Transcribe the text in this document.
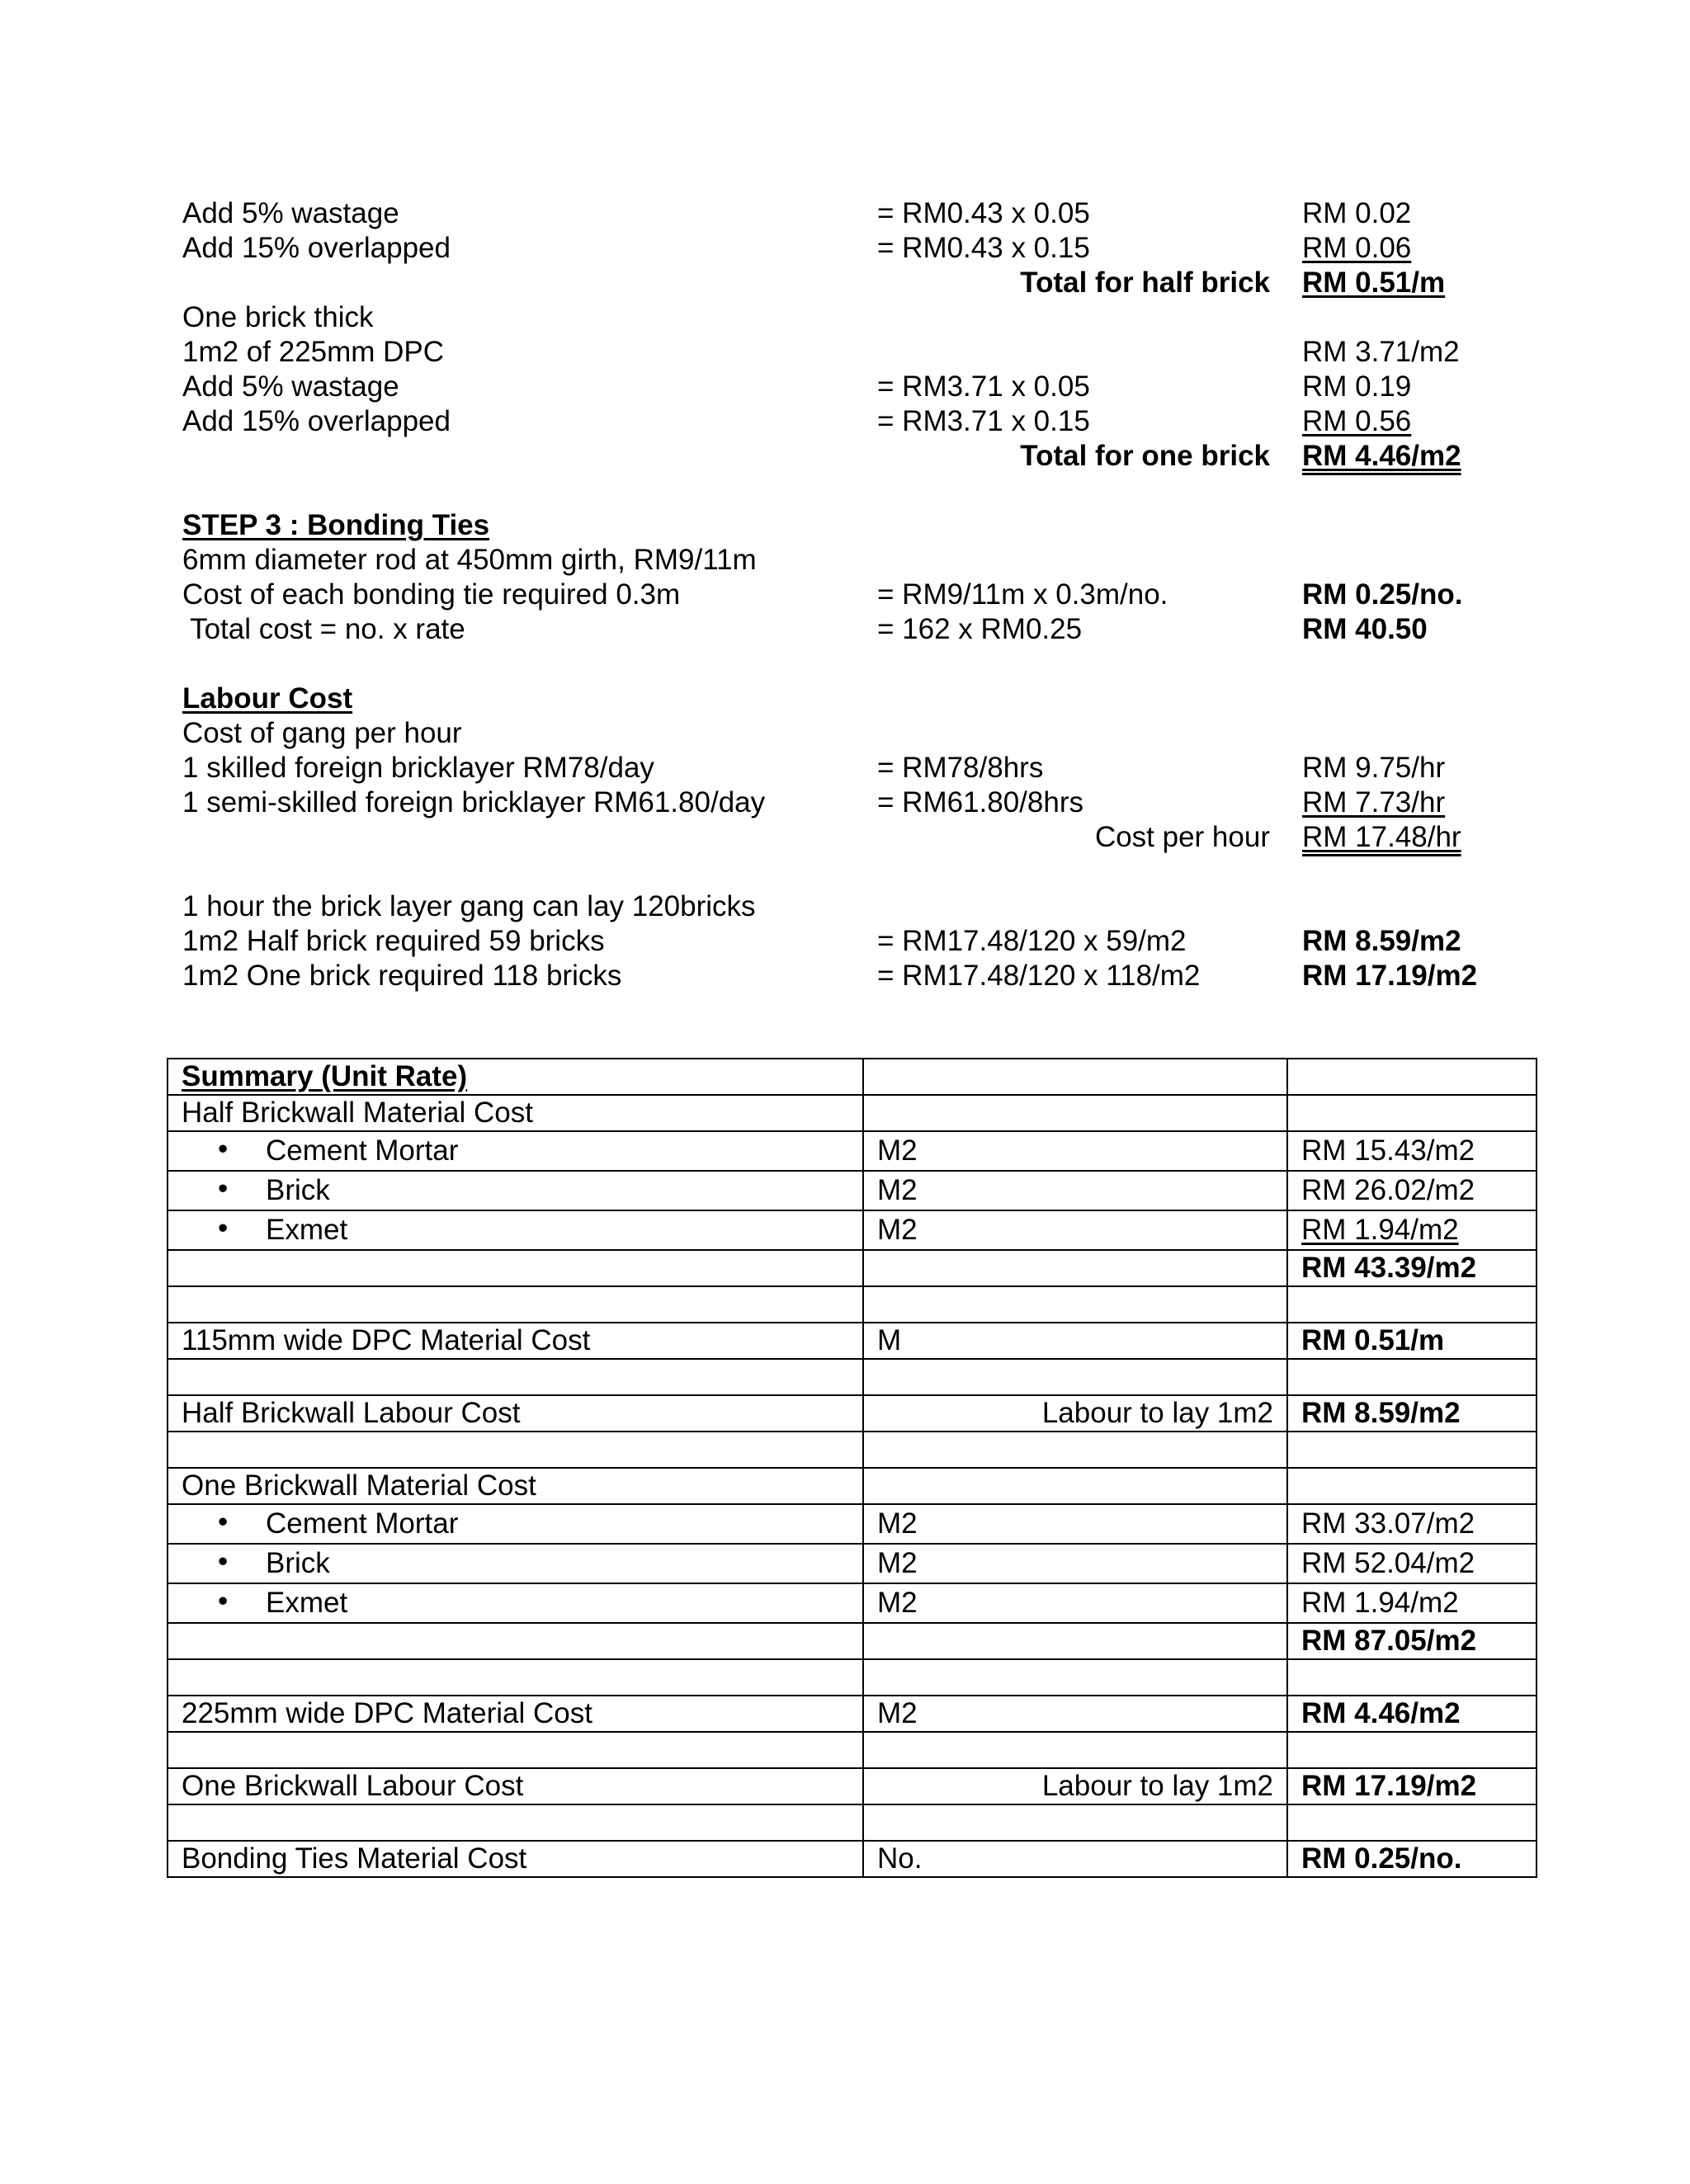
Add 5% wastage	= RM0.43 x 0.05	RM 0.02
Add 15% overlapped	= RM0.43 x 0.15	RM 0.06
Total for half brick RM 0.51/m
One brick thick
1m2 of 225mm DPC	RM 3.71/m2
Add 5% wastage	= RM3.71 x 0.05	RM 0.19
Add 15% overlapped	= RM3.71 x 0.15	RM 0.56
Total for one brick RM 4.46/m2
STEP 3 : Bonding Ties
6mm diameter rod at 450mm girth, RM9/11m
Cost of each bonding tie required 0.3m	= RM9/11m x 0.3m/no.	RM 0.25/no.
Total cost = no. x rate	= 162 x RM0.25	RM 40.50
Labour Cost
Cost of gang per hour
1 skilled foreign bricklayer RM78/day	= RM78/8hrs	RM 9.75/hr
1 semi-skilled foreign bricklayer RM61.80/day	= RM61.80/8hrs	RM 7.73/hr
Cost per hour RM 17.48/hr
1 hour the brick layer gang can lay 120bricks
1m2 Half brick required 59 bricks	= RM17.48/120 x 59/m2	RM 8.59/m2
1m2 One brick required 118 bricks	= RM17.48/120 x 118/m2	RM 17.19/m2
Summary (Unit Rate)		
Half Brickwall Material Cost		
• Cement Mortar	M2	RM 15.43/m2
• Brick	M2	RM 26.02/m2
• Exmet	M2	RM 1.94/m2
		RM 43.39/m2

115mm wide DPC Material Cost	M	RM 0.51/m

Half Brickwall Labour Cost	Labour to lay 1m2	RM 8.59/m2

One Brickwall Material Cost		
• Cement Mortar	M2	RM 33.07/m2
• Brick	M2	RM 52.04/m2
• Exmet	M2	RM 1.94/m2
		RM 87.05/m2

225mm wide DPC Material Cost	M2	RM 4.46/m2

One Brickwall Labour Cost	Labour to lay 1m2	RM 17.19/m2

Bonding Ties Material Cost	No.	RM 0.25/no.
